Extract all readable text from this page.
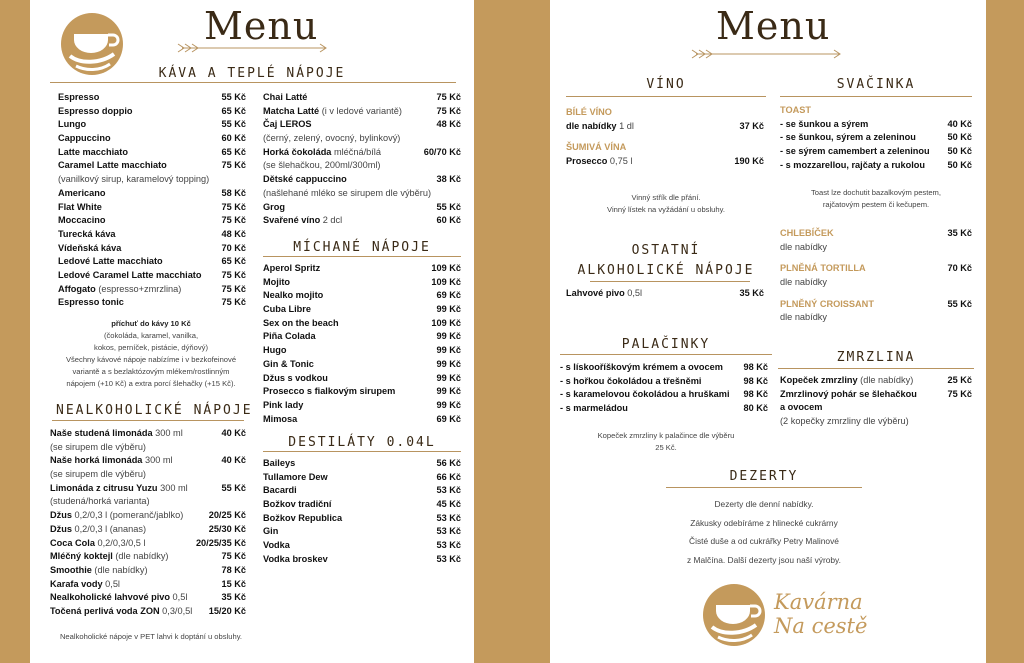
Menu
KÁVA A TEPLÉ NÁPOJE
Espresso	55 Kč
Espresso doppio	65 Kč
Lungo	55 Kč
Cappuccino	60 Kč
Latte macchiato	65 Kč
Caramel Latte macchiato	75 Kč
(vanilkový sirup, karamelový topping)
Americano	58 Kč
Flat White	75 Kč
Moccacino	75 Kč
Turecká káva	48 Kč
Vídeňská káva	70 Kč
Ledové Latte macchiato	65 Kč
Ledové Caramel Latte macchiato 75 Kč
Affogato (espresso+zmrzlina)	75 Kč
Espresso tonic	75 Kč
Chai Latté	75 Kč
Matcha Latté (i v ledové variantě)	75 Kč
Čaj LEROS	48 Kč
(černý, zelený, ovocný, bylinkový)
Horká čokoláda mléčná/bílá	60/70 Kč
(se šlehačkou, 200ml/300ml)
Dětské cappuccino	38 Kč
(našlehané mléko se sirupem dle výběru)
Grog	55 Kč
Svařené víno 2 dcl	60 Kč
příchuť do kávy 10 Kč
(čokoláda, karamel, vanilka,
kokos, perníček, pistácie, dýňový)
Všechny kávové nápoje nabízíme i v bezkofeinové
variantě a s bezlaktózovým mlékem/rostlinným
nápojem (+10 Kč) a extra porcí šlehačky (+15 Kč).
NEALKOHOLICKÉ NÁPOJE
Naše studená limonáda 300 ml	40 Kč
(se sirupem dle výběru)
Naše horká limonáda 300 ml	40 Kč
(se sirupem dle výběru)
Limonáda z citrusu Yuzu 300 ml	55 Kč
(studená/horká varianta)
Džus 0,2/0,3 l (pomeranč/jablko)	20/25 Kč
Džus 0,2/0,3 l (ananas)	25/30 Kč
Coca Cola 0,2/0,3/0,5 l	20/25/35 Kč
Mléčný koktejl (dle nabídky)	75 Kč
Smoothie (dle nabídky)	78 Kč
Karafa vody 0,5l	15 Kč
Nealkoholické lahvové pivo 0,5l	35 Kč
Točená perlivá voda ZON 0,3/0,5l 15/20 Kč
Nealkoholické nápoje v PET lahvi k doptání u obsluhy.
MÍCHANÉ NÁPOJE
Aperol Spritz	109 Kč
Mojito	109 Kč
Nealko mojito	69 Kč
Cuba Libre	99 Kč
Sex on the beach	109 Kč
Piña Colada	99 Kč
Hugo	99 Kč
Gin & Tonic	99 Kč
Džus s vodkou	99 Kč
Prosecco s fialkovým sirupem	99 Kč
Pink lady	99 Kč
Mimosa	69 Kč
DESTILÁTY 0.04L
Baileys	56 Kč
Tullamore Dew	66 Kč
Bacardi	53 Kč
Božkov tradiční	45 Kč
Božkov Republica	53 Kč
Gin	53 Kč
Vodka	53 Kč
Vodka broskev	53 Kč
Menu
VÍNO
BÍLÉ VÍNO
dle nabídky 1 dl	37 Kč
ŠUMIVÁ VÍNA
Prosecco 0,75 l	190 Kč
Vinný střík dle přání.
Vinný lístek na vyžádání u obsluhy.
OSTATNÍ
ALKOHOLICKÉ NÁPOJE
Lahvové pivo 0,5l	35 Kč
PALAČINKY
- s lískooříškovým krémem a ovocem 98 Kč
- s hořkou čokoládou a třešněmi	98 Kč
- s karamelovou čokoládou a hruškami 98 Kč
- s marmeládou	80 Kč
Kopeček zmrzliny k palačince dle výběru
25 Kč.
SVAČINKA
TOAST
- se šunkou a sýrem	40 Kč
- se šunkou, sýrem a zeleninou	50 Kč
- se sýrem camembert a zeleninou 50 Kč
- s mozzarellou, rajčaty a rukolou 50 Kč
Toast lze dochutit bazalkovým pestem,
rajčatovým pestem či kečupem.
CHLEBÍČEK	35 Kč
dle nabídky
PLNĚNÁ TORTILLA	70 Kč
dle nabídky
PLNĚNÝ CROISSANT	55 Kč
dle nabídky
ZMRZLINA
Kopeček zmrzliny (dle nabídky)	25 Kč
Zmrzlinový pohár se šlehačkou	75 Kč
a ovocem
(2 kopečky zmrzliny dle výběru)
DEZERTY
Dezerty dle denní nabídky.
Zákusky odebíráme z hlinecké cukrárny
Čisté duše a od cukrářky Petry Malinové
z Malčína. Další dezerty jsou naší výroby.
Kavárna
Na cestě
